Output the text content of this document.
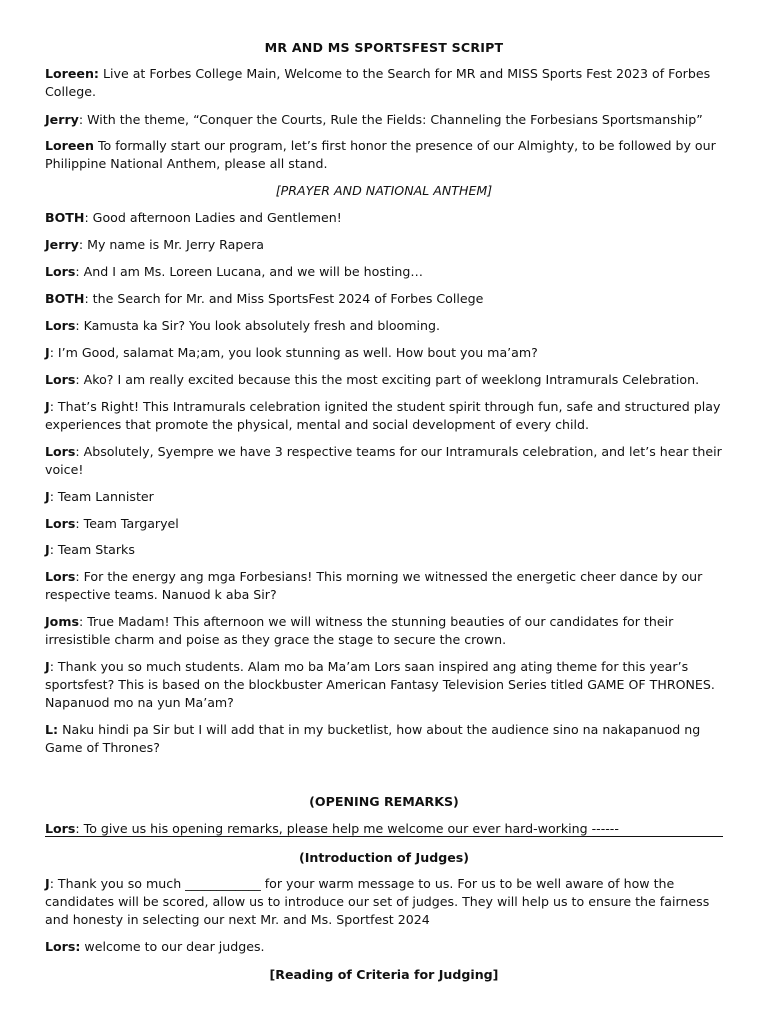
MR AND MS SPORTSFEST SCRIPT
Loreen: Live at Forbes College Main, Welcome to the Search for MR and MISS Sports Fest 2023 of Forbes College.
Jerry: With the theme, “Conquer the Courts, Rule the Fields: Channeling the Forbesians Sportsmanship”
Loreen To formally start our program, let’s first honor the presence of our Almighty, to be followed by our Philippine National Anthem, please all stand.
[PRAYER AND NATIONAL ANTHEM]
BOTH: Good afternoon Ladies and Gentlemen!
Jerry: My name is Mr. Jerry Rapera
Lors: And I am Ms. Loreen Lucana, and we will be hosting…
BOTH: the Search for Mr. and Miss SportsFest 2024 of Forbes College
Lors: Kamusta ka Sir? You look absolutely fresh and blooming.
J: I’m Good, salamat Ma;am, you look stunning as well. How bout you ma’am?
Lors: Ako? I am really excited because this the most exciting part of weeklong Intramurals Celebration.
J: That’s Right! This Intramurals celebration ignited the student spirit through fun, safe and structured play experiences that promote the physical, mental and social development of every child.
Lors: Absolutely, Syempre we have 3 respective teams for our Intramurals celebration, and let’s hear their voice!
J: Team Lannister
Lors: Team Targaryel
J: Team Starks
Lors: For the energy ang mga Forbesians! This morning we witnessed the energetic cheer dance by our respective teams. Nanuod k aba Sir?
Joms: True Madam! This afternoon we will witness the stunning beauties of our candidates for their irresistible charm and poise as they grace the stage to secure the crown.
J: Thank you so much students. Alam mo ba Ma’am Lors saan inspired ang ating theme for this year’s sportsfest? This is based on the blockbuster American Fantasy Television Series titled GAME OF THRONES. Napanuod mo na yun Ma’am?
L: Naku hindi pa Sir but I will add that in my bucketlist, how about the audience sino na nakapanuod ng Game of Thrones?
(OPENING REMARKS)
Lors: To give us his opening remarks, please help me welcome our ever hard-working ------
(Introduction of Judges)
J: Thank you so much ____________ for your warm message to us. For us to be well aware of how the candidates will be scored, allow us to introduce our set of judges. They will help us to ensure the fairness and honesty in selecting our next Mr. and Ms. Sportfest 2024
Lors: welcome to our dear judges.
[Reading of Criteria for Judging]
